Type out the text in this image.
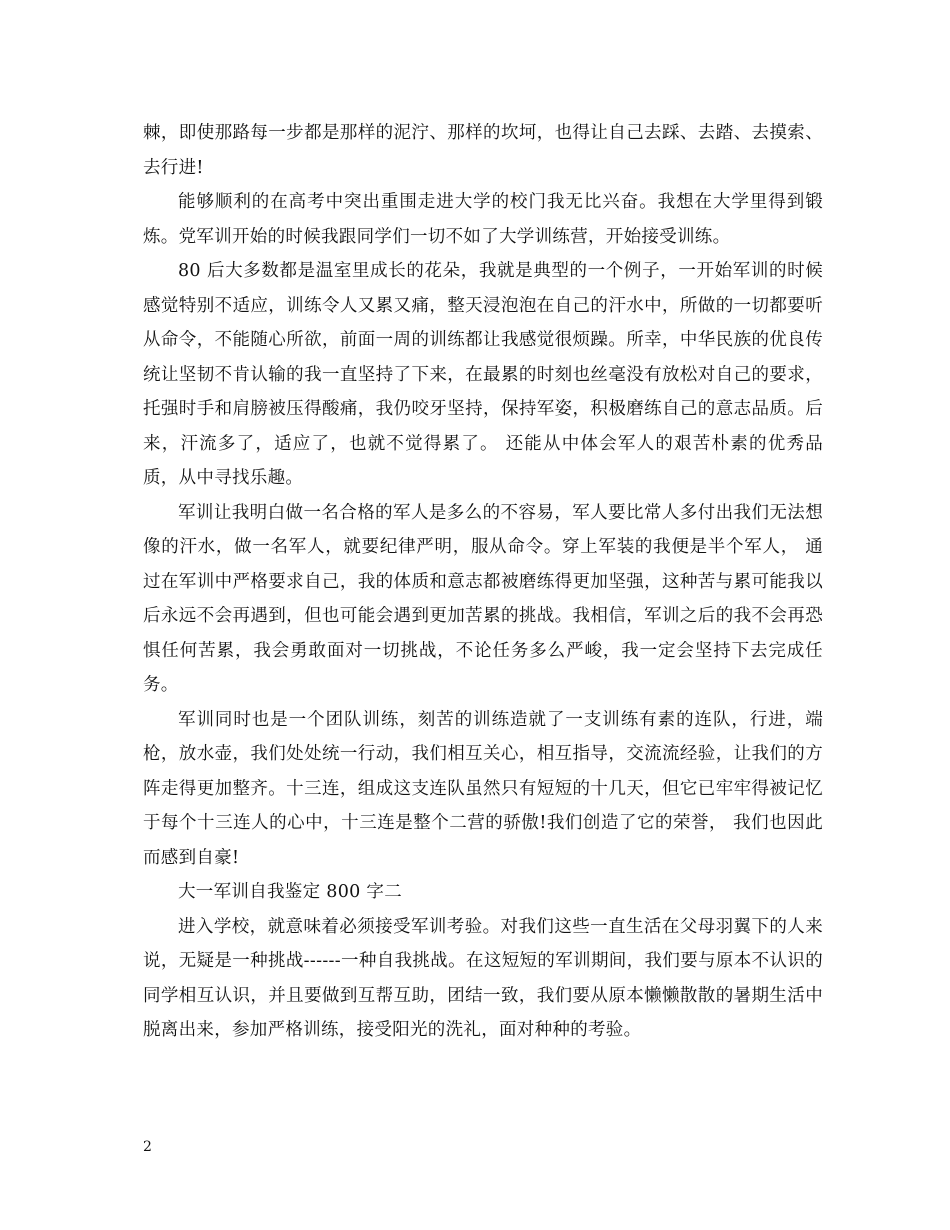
棘，即使那路每一步都是那样的泥泞、那样的坎坷，也得让自己去踩、去踏、去摸索、去行进!

能够顺利的在高考中突出重围走进大学的校门我无比兴奋。我想在大学里得到锻炼。党军训开始的时候我跟同学们一切不如了大学训练营，开始接受训练。

80 后大多数都是温室里成长的花朵，我就是典型的一个例子，一开始军训的时候感觉特别不适应，训练令人又累又痛，整天浸泡泡在自己的汗水中，所做的一切都要听从命令，不能随心所欲，前面一周的训练都让我感觉很烦躁。所幸，中华民族的优良传统让坚韧不肯认输的我一直坚持了下来，在最累的时刻也丝毫没有放松对自己的要求，托强时手和肩膀被压得酸痛，我仍咬牙坚持，保持军姿，积极磨练自己的意志品质。后来，汗流多了，适应了，也就不觉得累了。 还能从中体会军人的艰苦朴素的优秀品质，从中寻找乐趣。

军训让我明白做一名合格的军人是多么的不容易，军人要比常人多付出我们无法想像的汗水，做一名军人，就要纪律严明，服从命令。穿上军装的我便是半个军人， 通过在军训中严格要求自己，我的体质和意志都被磨练得更加坚强，这种苦与累可能我以后永远不会再遇到，但也可能会遇到更加苦累的挑战。我相信，军训之后的我不会再恐惧任何苦累，我会勇敢面对一切挑战，不论任务多么严峻，我一定会坚持下去完成任务。

军训同时也是一个团队训练，刻苦的训练造就了一支训练有素的连队，行进，端枪，放水壶，我们处处统一行动，我们相互关心，相互指导，交流流经验，让我们的方阵走得更加整齐。十三连，组成这支连队虽然只有短短的十几天，但它已牢牢得被记忆于每个十三连人的心中，十三连是整个二营的骄傲!我们创造了它的荣誉， 我们也因此而感到自豪!

大一军训自我鉴定 800 字二

进入学校，就意味着必须接受军训考验。对我们这些一直生活在父母羽翼下的人来说，无疑是一种挑战------一种自我挑战。在这短短的军训期间，我们要与原本不认识的同学相互认识，并且要做到互帮互助，团结一致，我们要从原本懒懒散散的暑期生活中脱离出来，参加严格训练，接受阳光的洗礼，面对种种的考验。

2
